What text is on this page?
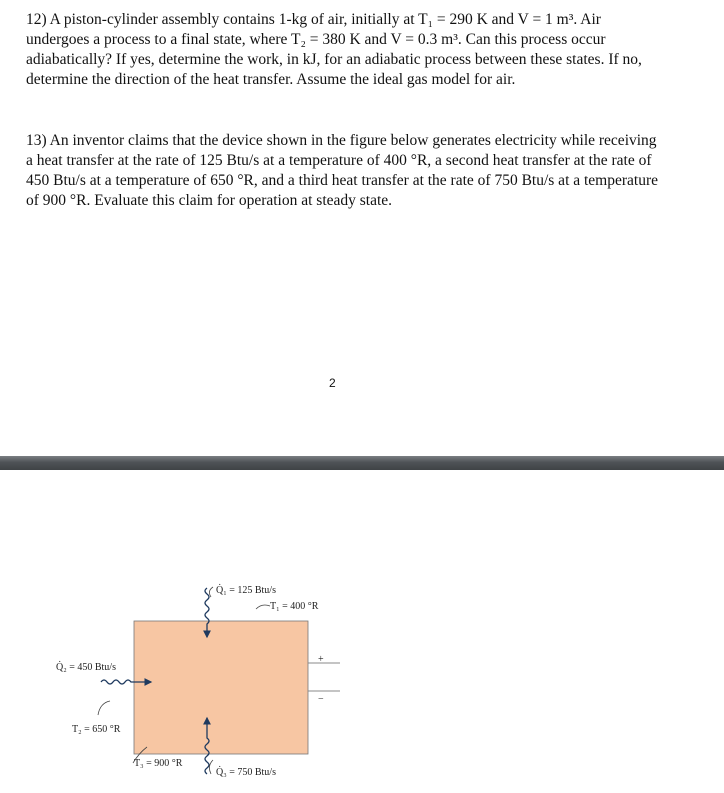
12) A piston-cylinder assembly contains 1-kg of air, initially at T₁ = 290 K and V = 1 m³. Air undergoes a process to a final state, where T₂ = 380 K and V = 0.3 m³. Can this process occur adiabatically? If yes, determine the work, in kJ, for an adiabatic process between these states. If no, determine the direction of the heat transfer. Assume the ideal gas model for air.
13) An inventor claims that the device shown in the figure below generates electricity while receiving a heat transfer at the rate of 125 Btu/s at a temperature of 400 °R, a second heat transfer at the rate of 450 Btu/s at a temperature of 650 °R, and a third heat transfer at the rate of 750 Btu/s at a temperature of 900 °R. Evaluate this claim for operation at steady state.
2
+
−
Q̇₁ = 125 Btu/s
T₁ = 400 °R
Q̇₂ = 450 Btu/s
T₂ = 650 °R
Q̇₃ = 750 Btu/s
T₃ = 900 °R
